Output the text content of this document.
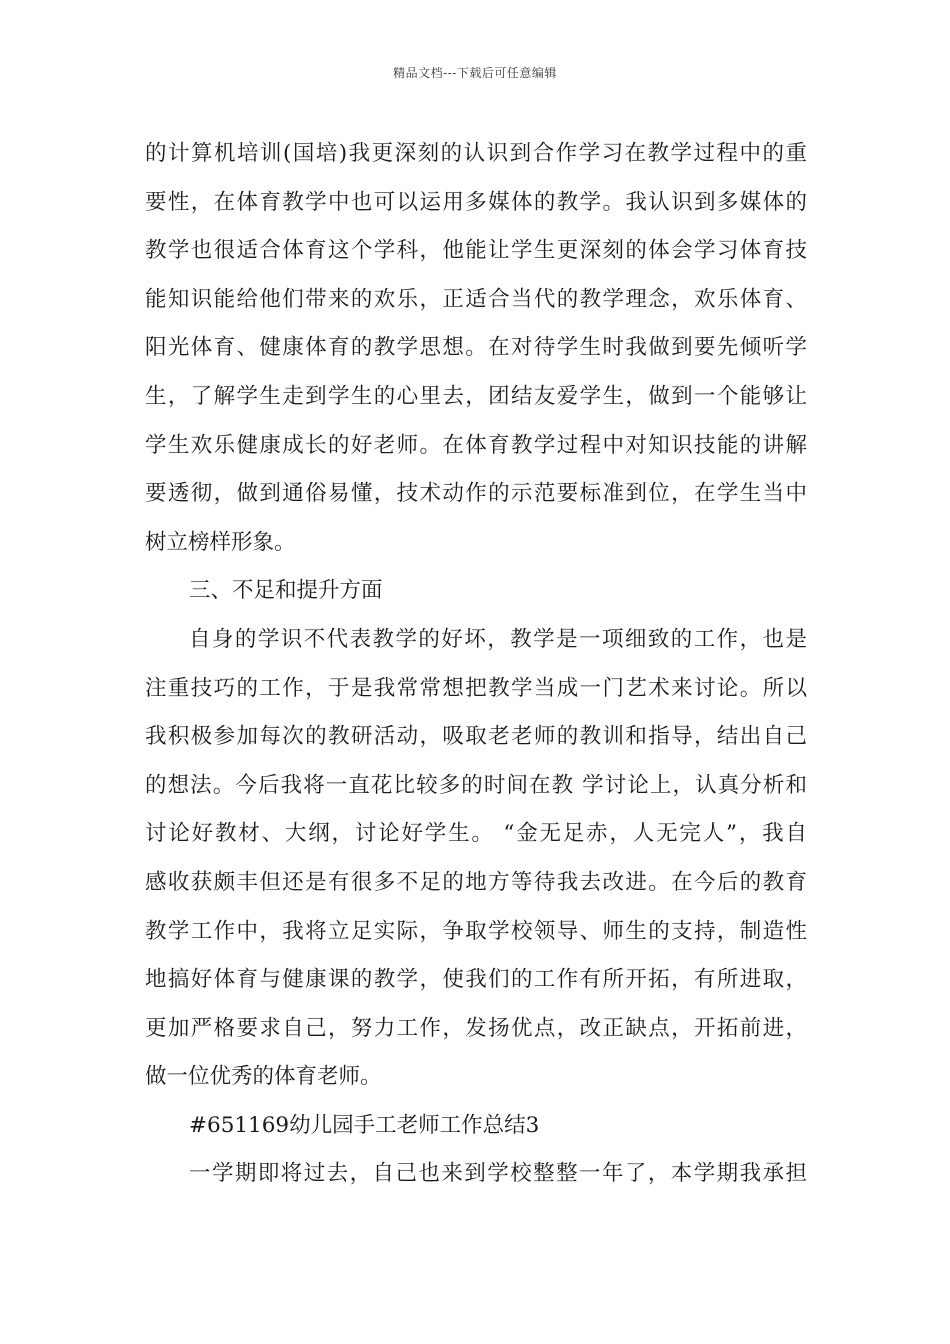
精品文档---下载后可任意编辑
的计算机培训(国培)我更深刻的认识到合作学习在教学过程中的重
要性，在体育教学中也可以运用多媒体的教学。我认识到多媒体的
教学也很适合体育这个学科，他能让学生更深刻的体会学习体育技
能知识能给他们带来的欢乐，正适合当代的教学理念，欢乐体育、
阳光体育、健康体育的教学思想。在对待学生时我做到要先倾听学
生，了解学生走到学生的心里去，团结友爱学生，做到一个能够让
学生欢乐健康成长的好老师。在体育教学过程中对知识技能的讲解
要透彻，做到通俗易懂，技术动作的示范要标准到位，在学生当中
树立榜样形象。
三、不足和提升方面
自身的学识不代表教学的好坏，教学是一项细致的工作，也是
注重技巧的工作，于是我常常想把教学当成一门艺术来讨论。所以
我积极参加每次的教研活动，吸取老老师的教训和指导，结出自己
的想法。今后我将一直花比较多的时间在教 学讨论上，认真分析和
讨论好教材、大纲，讨论好学生。 “金无足赤，人无完人”，我自
感收获颇丰但还是有很多不足的地方等待我去改进。在今后的教育
教学工作中，我将立足实际，争取学校领导、师生的支持，制造性
地搞好体育与健康课的教学，使我们的工作有所开拓，有所进取，
更加严格要求自己，努力工作，发扬优点，改正缺点，开拓前进，
做一位优秀的体育老师。
#651169幼儿园手工老师工作总结3
一学期即将过去，自己也来到学校整整一年了，本学期我承担
